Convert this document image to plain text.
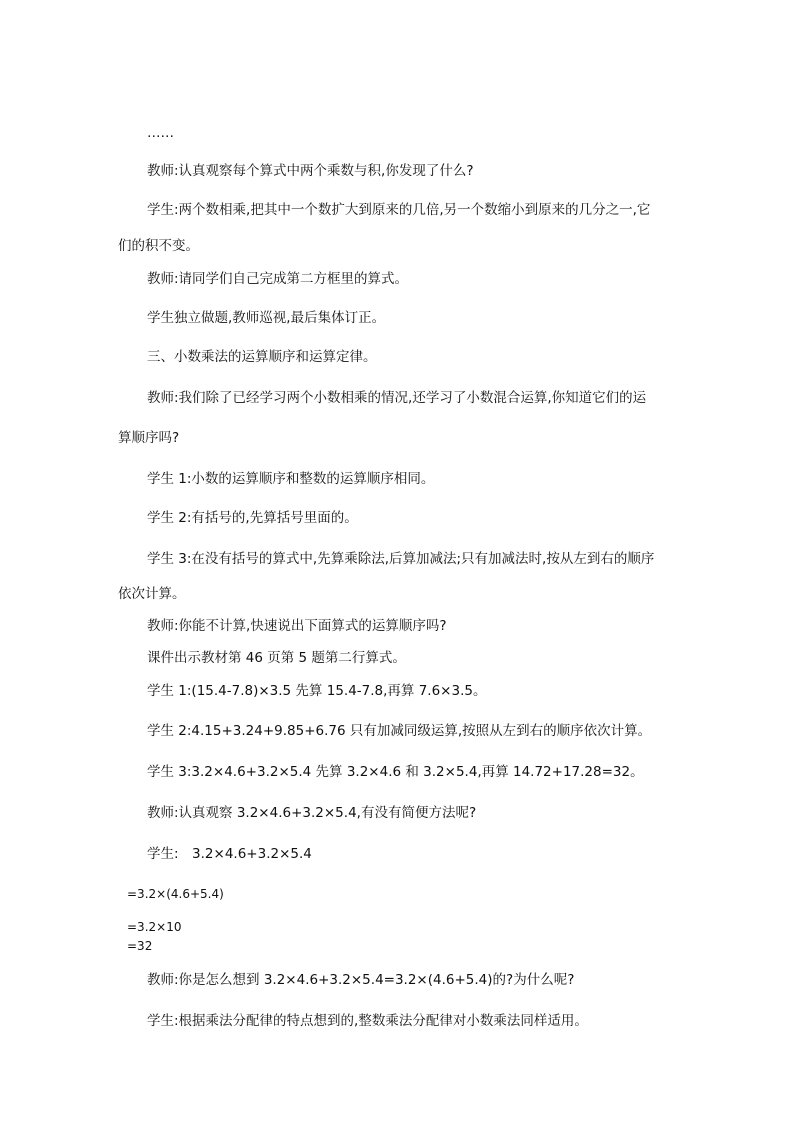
……
教师:认真观察每个算式中两个乘数与积,你发现了什么?
学生:两个数相乘,把其中一个数扩大到原来的几倍,另一个数缩小到原来的几分之一,它
们的积不变。
教师:请同学们自己完成第二方框里的算式。
学生独立做题,教师巡视,最后集体订正。
三、小数乘法的运算顺序和运算定律。
教师:我们除了已经学习两个小数相乘的情况,还学习了小数混合运算,你知道它们的运
算顺序吗?
学生 1:小数的运算顺序和整数的运算顺序相同。
学生 2:有括号的,先算括号里面的。
学生 3:在没有括号的算式中,先算乘除法,后算加减法;只有加减法时,按从左到右的顺序
依次计算。
教师:你能不计算,快速说出下面算式的运算顺序吗?
课件出示教材第 46 页第 5 题第二行算式。
学生 1:(15.4-7.8)×3.5 先算 15.4-7.8,再算 7.6×3.5。
学生 2:4.15+3.24+9.85+6.76 只有加减同级运算,按照从左到右的顺序依次计算。
学生 3:3.2×4.6+3.2×5.4 先算 3.2×4.6 和 3.2×5.4,再算 14.72+17.28=32。
教师:认真观察 3.2×4.6+3.2×5.4,有没有简便方法呢?
学生:　3.2×4.6+3.2×5.4
=3.2×(4.6+5.4)
=3.2×10
=32
教师:你是怎么想到 3.2×4.6+3.2×5.4=3.2×(4.6+5.4)的?为什么呢?
学生:根据乘法分配律的特点想到的,整数乘法分配律对小数乘法同样适用。
